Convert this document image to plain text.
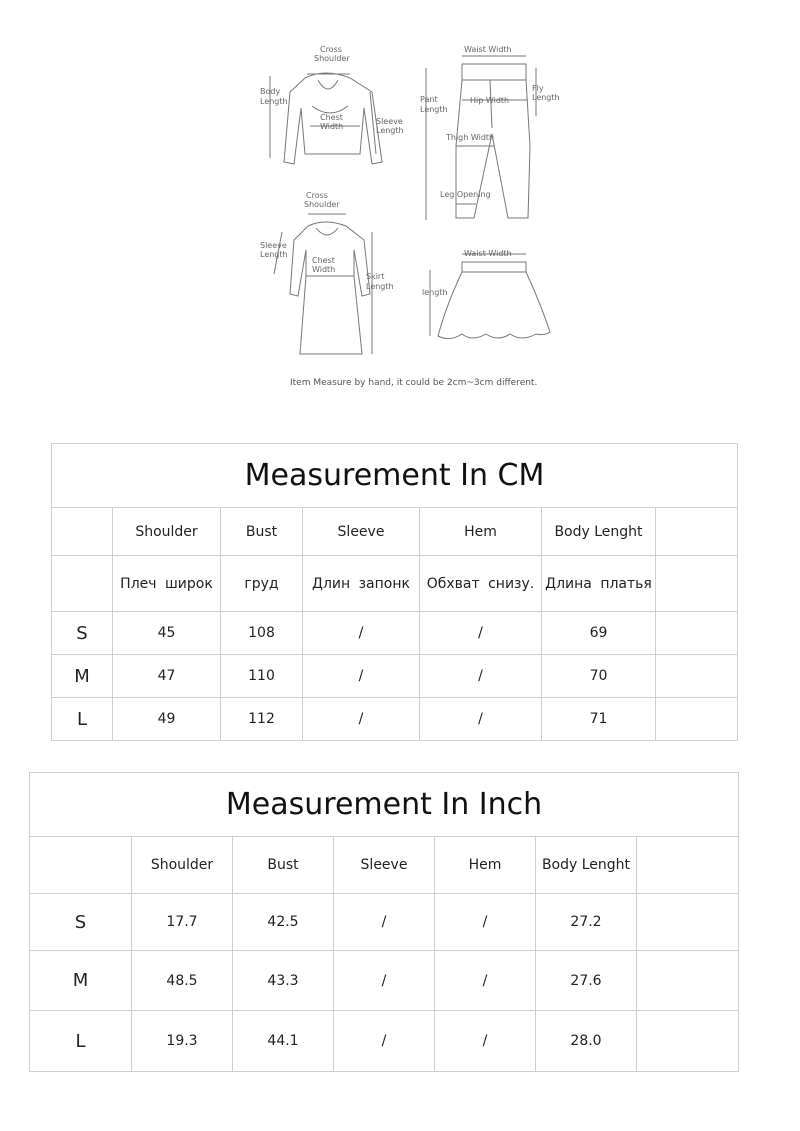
Cross
Shoulder
Body
Length
Chest
Width
Sleeve
Length
Waist Width
Pant
Length
Hip Width
Fly
Length
Thigh Width
Leg Opening
Cross
Shoulder
Sleeve
Length
Chest
Width
Skirt
Length
Waist Width
length
Item Measure by hand, it could be 2cm~3cm different.
Measurement In CM						
	Shoulder	Bust	Sleeve	Hem	Body Lenght	
	Плеч широк	груд	Длин запонк	Обхват снизу.	Длина платья	
S	45	108	/	/	69	
M	47	110	/	/	70	
L	49	112	/	/	71	
Measurement In Inch						
	Shoulder	Bust	Sleeve	Hem	Body Lenght	
S	17.7	42.5	/	/	27.2	
M	48.5	43.3	/	/	27.6	
L	19.3	44.1	/	/	28.0	
